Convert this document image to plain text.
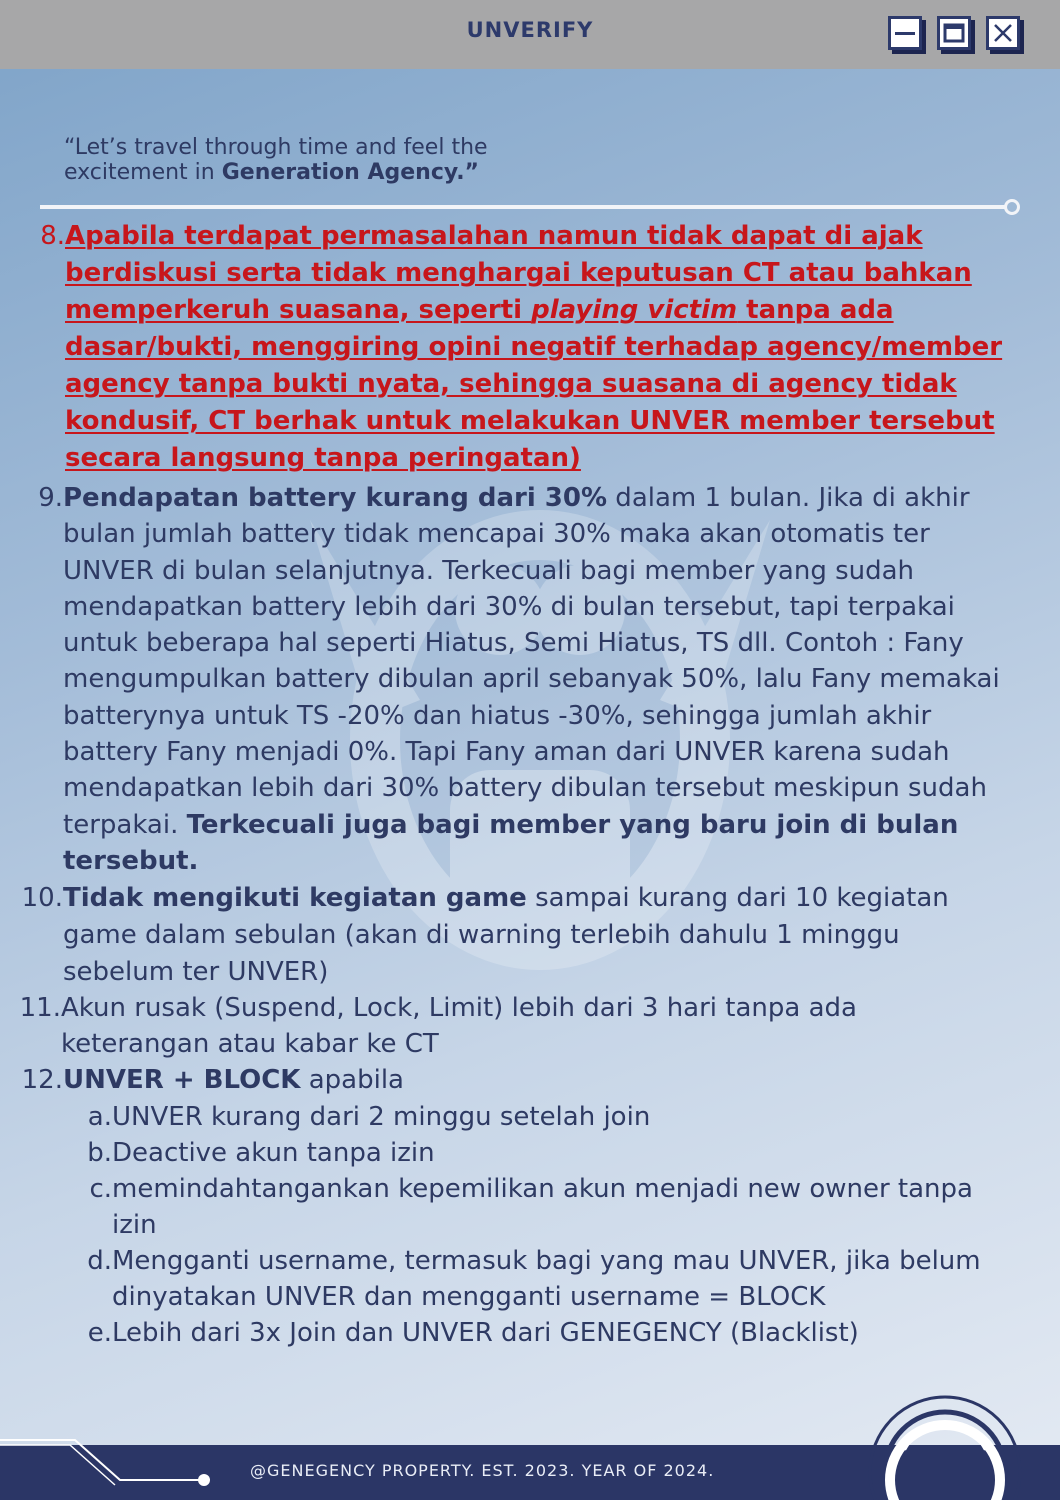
UNVERIFY
“Let’s travel through time and feel the
excitement in Generation Agency.”
8. Apabila terdapat permasalahan namun tidak dapat di ajak berdiskusi serta tidak menghargai keputusan CT atau bahkan memperkeruh suasana, seperti playing victim tanpa ada dasar/bukti, menggiring opini negatif terhadap agency/member agency tanpa bukti nyata, sehingga suasana di agency tidak kondusif, CT berhak untuk melakukan UNVER member tersebut secara langsung tanpa peringatan)
9. Pendapatan battery kurang dari 30% dalam 1 bulan. Jika di akhir bulan jumlah battery tidak mencapai 30% maka akan otomatis ter UNVER di bulan selanjutnya. Terkecuali bagi member yang sudah mendapatkan battery lebih dari 30% di bulan tersebut, tapi terpakai untuk beberapa hal seperti Hiatus, Semi Hiatus, TS dll. Contoh : Fany mengumpulkan battery dibulan april sebanyak 50%, lalu Fany memakai batterynya untuk TS -20% dan hiatus -30%, sehingga jumlah akhir battery Fany menjadi 0%. Tapi Fany aman dari UNVER karena sudah mendapatkan lebih dari 30% battery dibulan tersebut meskipun sudah terpakai. Terkecuali juga bagi member yang baru join di bulan tersebut.
10. Tidak mengikuti kegiatan game sampai kurang dari 10 kegiatan game dalam sebulan (akan di warning terlebih dahulu 1 minggu sebelum ter UNVER)
11. Akun rusak (Suspend, Lock, Limit) lebih dari 3 hari tanpa ada keterangan atau kabar ke CT
12. UNVER + BLOCK apabila
a. UNVER kurang dari 2 minggu setelah join
b. Deactive akun tanpa izin
c. memindahtangankan kepemilikan akun menjadi new owner tanpa izin
d. Mengganti username, termasuk bagi yang mau UNVER, jika belum dinyatakan UNVER dan mengganti username = BLOCK
e. Lebih dari 3x Join dan UNVER dari GENEGENCY (Blacklist)
@GENEGENCY PROPERTY. EST. 2023. YEAR OF 2024.
